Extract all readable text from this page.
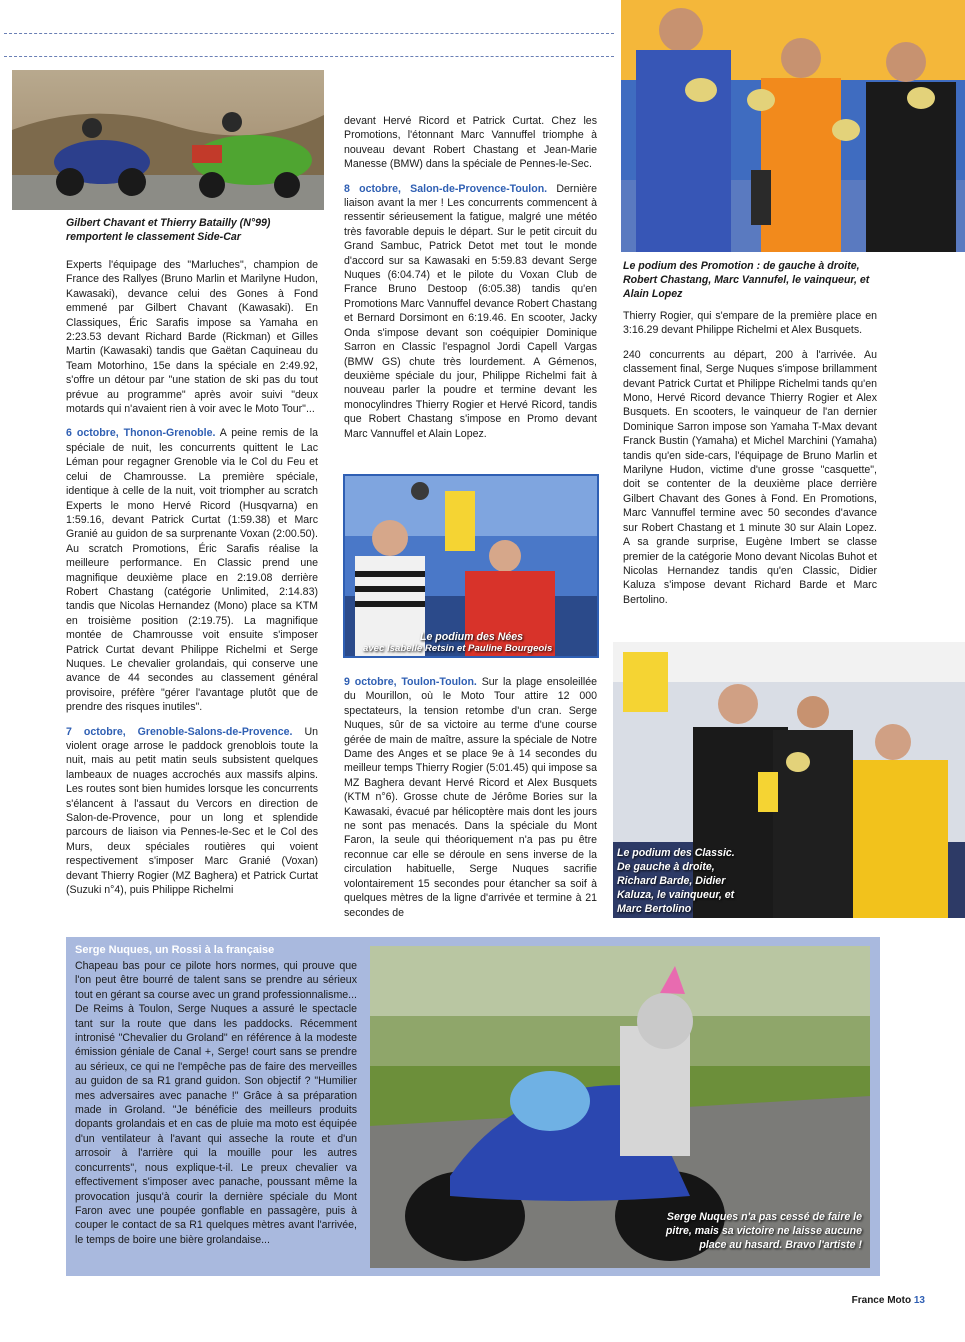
Gilbert Chavant et Thierry Batailly (N°99) remportent le classement Side-Car

Experts l'équipage des "Marluches", champion de France des Rallyes (Bruno Marlin et Marilyne Hudon, Kawasaki), devance celui des Gones à Fond emmené par Gilbert Chavant (Kawasaki). En Classiques, Éric Sarafis impose sa Yamaha en 2:23.53 devant Richard Barde (Rickman) et Gilles Martin (Kawasaki) tandis que Gaëtan Caquineau du Team Motorhino, 15e dans la spéciale en 2:49.92, s'offre un détour par "une station de ski pas du tout prévue au programme" après avoir suivi "deux motards qui n'avaient rien à voir avec le Moto Tour"...

6 octobre, Thonon-Grenoble. A peine remis de la spéciale de nuit, les concurrents quittent le Lac Léman pour regagner Grenoble via le Col du Feu et celui de Chamrousse. La première spéciale, identique à celle de la nuit, voit triompher au scratch Experts le mono Hervé Ricord (Husqvarna) en 1:59.16, devant Patrick Curtat (1:59.38) et Marc Granié au guidon de sa surprenante Voxan (2:00.50). Au scratch Promotions, Éric Sarafis réalise la meilleure performance. En Classic prend une magnifique deuxième place en 2:19.08 derrière Robert Chastang (catégorie Unlimited, 2:14.83) tandis que Nicolas Hernandez (Mono) place sa KTM en troisième position (2:19.75). La magnifique montée de Chamrousse voit ensuite s'imposer Patrick Curtat devant Philippe Richelmi et Serge Nuques. Le chevalier grolandais, qui conserve une avance de 44 secondes au classement général provisoire, préfère "gérer l'avantage plutôt que de prendre des risques inutiles".

7 octobre, Grenoble-Salons-de-Provence. Un violent orage arrose le paddock grenoblois toute la nuit, mais au petit matin seuls subsistent quelques lambeaux de nuages accrochés aux massifs alpins. Les routes sont bien humides lorsque les concurrents s'élancent à l'assaut du Vercors en direction de Salon-de-Provence, pour un long et splendide parcours de liaison via Pennes-le-Sec et le Col des Murs, deux spéciales routières qui voient respectivement s'imposer Marc Granié (Voxan) devant Thierry Rogier (MZ Baghera) et Patrick Curtat (Suzuki n°4), puis Philippe Richelmi

devant Hervé Ricord et Patrick Curtat. Chez les Promotions, l'étonnant Marc Vannuffel triomphe à nouveau devant Robert Chastang et Jean-Marie Manesse (BMW) dans la spéciale de Pennes-le-Sec.

8 octobre, Salon-de-Provence-Toulon. Dernière liaison avant la mer ! Les concurrents commencent à ressentir sérieusement la fatigue, malgré une météo très favorable depuis le départ. Sur le petit circuit du Grand Sambuc, Patrick Detot met tout le monde d'accord sur sa Kawasaki en 5:59.83 devant Serge Nuques (6:04.74) et le pilote du Voxan Club de France Bruno Destoop (6:05.38) tandis qu'en Promotions Marc Vannuffel devance Robert Chastang et Bernard Dorsimont en 6:19.46. En scooter, Jacky Onda s'impose devant son coéquipier Dominique Sarron en Classic l'espagnol Jordi Capell Vargas (BMW GS) chute très lourdement. A Gémenos, deuxième spéciale du jour, Philippe Richelmi fait à nouveau parler la poudre et termine devant les monocylindres Thierry Rogier et Hervé Ricord, tandis que Robert Chastang s'impose en Promo devant Marc Vannuffel et Alain Lopez.

Le podium des Nées
avec Isabelle Retsin et Pauline Bourgeois

9 octobre, Toulon-Toulon. Sur la plage ensoleillée du Mourillon, où le Moto Tour attire 12 000 spectateurs, la tension retombe d'un cran. Serge Nuques, sûr de sa victoire au terme d'une course gérée de main de maître, assure la spéciale de Notre Dame des Anges et se place 9e à 14 secondes du meilleur temps Thierry Rogier (5:01.45) qui impose sa MZ Baghera devant Hervé Ricord et Alex Busquets (KTM n°6). Grosse chute de Jérôme Bories sur la Kawasaki, évacué par hélicoptère mais dont les jours ne sont pas menacés. Dans la spéciale du Mont Faron, la seule qui théoriquement n'a pas pu être reconnue car elle se déroule en sens inverse de la circulation habituelle, Serge Nuques sacrifie volontairement 15 secondes pour étancher sa soif à quelques mètres de la ligne d'arrivée et termine à 21 secondes de

Le podium des Promotion : de gauche à droite, Robert Chastang, Marc Vannufel, le vainqueur, et Alain Lopez

Thierry Rogier, qui s'empare de la première place en 3:16.29 devant Philippe Richelmi et Alex Busquets.

240 concurrents au départ, 200 à l'arrivée. Au classement final, Serge Nuques s'impose brillamment devant Patrick Curtat et Philippe Richelmi tands qu'en Mono, Hervé Ricord devance Thierry Rogier et Alex Busquets. En scooters, le vainqueur de l'an dernier Dominique Sarron impose son Yamaha T-Max devant Franck Bustin (Yamaha) et Michel Marchini (Yamaha) tandis qu'en side-cars, l'équipage de Bruno Marlin et Marilyne Hudon, victime d'une grosse "casquette", doit se contenter de la deuxième place derrière Gilbert Chavant des Gones à Fond. En Promotions, Marc Vannuffel termine avec 50 secondes d'avance sur Robert Chastang et 1 minute 30 sur Alain Lopez. A sa grande surprise, Eugène Imbert se classe premier de la catégorie Mono devant Nicolas Buhot et Nicolas Hernandez tandis qu'en Classic, Didier Kaluza s'impose devant Richard Barde et Marc Bertolino.

Le podium des Classic. De gauche à droite, Richard Barde, Didier Kaluza, le vainqueur, et Marc Bertolino
Serge Nuques, un Rossi à la française
Chapeau bas pour ce pilote hors normes, qui prouve que l'on peut être bourré de talent sans se prendre au sérieux tout en gérant sa course avec un grand professionnalisme... De Reims à Toulon, Serge Nuques a assuré le spectacle tant sur la route que dans les paddocks. Récemment intronisé "Chevalier du Groland" en référence à la modeste émission géniale de Canal +, Serge! court sans se prendre au sérieux, ce qui ne l'empêche pas de faire des merveilles au guidon de sa R1 grand guidon. Son objectif ? "Humilier mes adversaires avec panache !" Grâce à sa préparation made in Groland. "Je bénéficie des meilleurs produits dopants grolandais et en cas de pluie ma moto est équipée d'un ventilateur à l'avant qui asseche la route et d'un arrosoir à l'arrière qui la mouille pour les autres concurrents", nous explique-t-il. Le preux chevalier va effectivement s'imposer avec panache, poussant même la provocation jusqu'à courir la dernière spéciale du Mont Faron avec une poupée gonflable en passagère, puis à couper le contact de sa R1 quelques mètres avant l'arrivée, le temps de boire une bière grolandaise...
Serge Nuques n'a pas cessé de faire le pitre, mais sa victoire ne laisse aucune place au hasard. Bravo l'artiste !
France Moto 13
